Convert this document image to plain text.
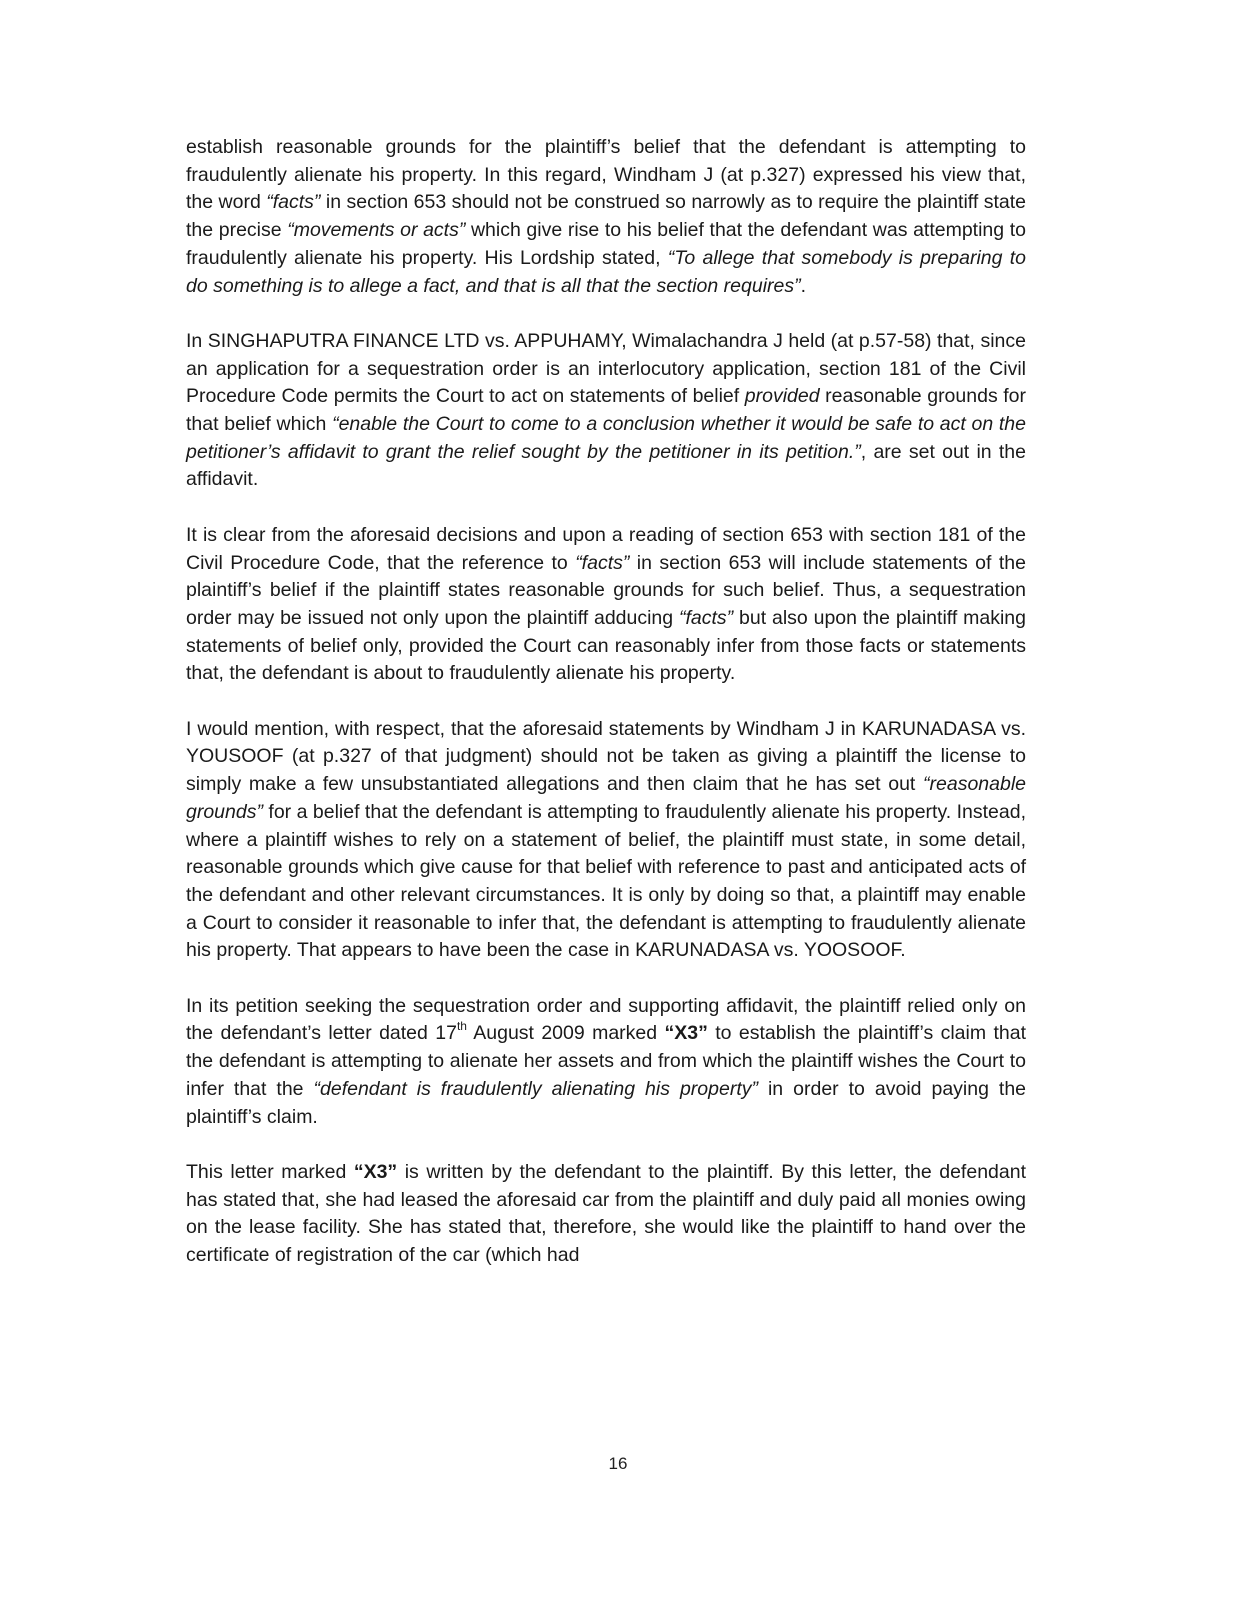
establish reasonable grounds for the plaintiff’s belief that the defendant is attempting to fraudulently alienate his property. In this regard, Windham J (at p.327) expressed his view that, the word “facts” in section 653 should not be construed so narrowly as to require the plaintiff state the precise “movements or acts” which give rise to his belief that the defendant was attempting to fraudulently alienate his property. His Lordship stated, “To allege that somebody is preparing to do something is to allege a fact, and that is all that the section requires”.

In SINGHAPUTRA FINANCE LTD vs. APPUHAMY, Wimalachandra J held (at p.57-58) that, since an application for a sequestration order is an interlocutory application, section 181 of the Civil Procedure Code permits the Court to act on statements of belief provided reasonable grounds for that belief which “enable the Court to come to a conclusion whether it would be safe to act on the petitioner’s affidavit to grant the relief sought by the petitioner in its petition.”, are set out in the affidavit.

It is clear from the aforesaid decisions and upon a reading of section 653 with section 181 of the Civil Procedure Code, that the reference to “facts” in section 653 will include statements of the plaintiff’s belief if the plaintiff states reasonable grounds for such belief. Thus, a sequestration order may be issued not only upon the plaintiff adducing “facts” but also upon the plaintiff making statements of belief only, provided the Court can reasonably infer from those facts or statements that, the defendant is about to fraudulently alienate his property.

I would mention, with respect, that the aforesaid statements by Windham J in KARUNADASA vs. YOUSOOF (at p.327 of that judgment) should not be taken as giving a plaintiff the license to simply make a few unsubstantiated allegations and then claim that he has set out “reasonable grounds” for a belief that the defendant is attempting to fraudulently alienate his property. Instead, where a plaintiff wishes to rely on a statement of belief, the plaintiff must state, in some detail, reasonable grounds which give cause for that belief with reference to past and anticipated acts of the defendant and other relevant circumstances. It is only by doing so that, a plaintiff may enable a Court to consider it reasonable to infer that, the defendant is attempting to fraudulently alienate his property. That appears to have been the case in KARUNADASA vs. YOOSOOF.

In its petition seeking the sequestration order and supporting affidavit, the plaintiff relied only on the defendant’s letter dated 17th August 2009 marked “X3” to establish the plaintiff’s claim that the defendant is attempting to alienate her assets and from which the plaintiff wishes the Court to infer that the “defendant is fraudulently alienating his property” in order to avoid paying the plaintiff’s claim.

This letter marked “X3” is written by the defendant to the plaintiff. By this letter, the defendant has stated that, she had leased the aforesaid car from the plaintiff and duly paid all monies owing on the lease facility. She has stated that, therefore, she would like the plaintiff to hand over the certificate of registration of the car (which had

16
